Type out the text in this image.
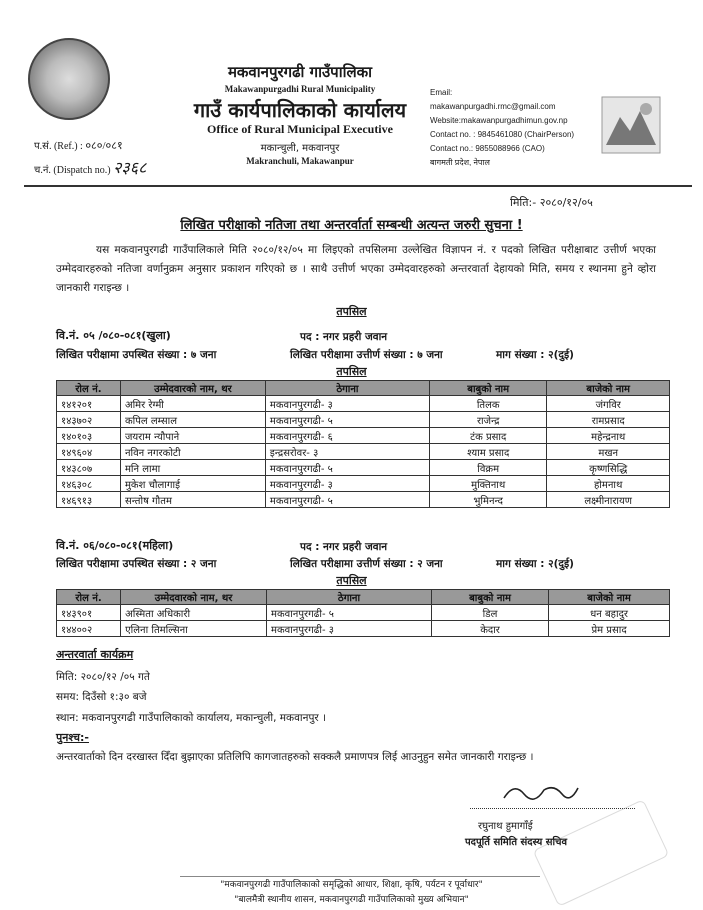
मकवानपुरगढी गाउँपालिका
Makawanpurgadhi Rural Municipality
गाउँ कार्यपालिकाको कार्यालय
Office of Rural Municipal Executive
मकान्चुली, मकवानपुर
Makranchuli, Makawanpur
प.सं. (Ref.) : ०८०/०८१
च.नं. (Dispatch no.) २३६८
Email:
makawanpurgadhi.rmc@gmail.com
Website:makawanpurgadhimun.gov.np
Contact no. : 9845461080 (ChairPerson)
Contact no.: 9855088966 (CAO)
बागमती प्रदेश, नेपाल
मिति:- २०८०/१२/०५
लिखित परीक्षाको नतिजा तथा अन्तरर्वार्ता सम्बन्धी अत्यन्त जरुरी सुचना !
यस मकवानपुरगढी गाउँपालिकाले मिति २०८०/१२/०५ मा लिइएको तपसिलमा उल्लेखित विज्ञापन नं. र पदको लिखित परीक्षाबाट उत्तीर्ण भएका उम्मेदवारहरुको नतिजा वर्णानुक्रम अनुसार प्रकाशन गरिएको छ । साथै उत्तीर्ण भएका उम्मेदवारहरुको अन्तरवार्ता देहायको मिति, समय र स्थानमा हुने व्होरा जानकारी गराइन्छ ।
तपसिल
वि.नं. ०५ /०८०-०८१(खुला)	पद : नगर प्रहरी जवान
लिखित परीक्षामा उपस्थित संख्या : ७ जना	लिखित परीक्षामा उत्तीर्ण संख्या : ७ जना	माग संख्या : २(दुई)
तपसिल
रोल नं.	उम्मेदवारको नाम, थर	ठेगाना	बाबुको नाम	बाजेको नाम
१४१२०१	अमिर रेग्मी	मकवानपुरगढी- ३	तिलक	जंगविर
१४३७०२	कपिल लम्साल	मकवानपुरगढी- ५	राजेन्द्र	रामप्रसाद
१४०१०३	जयराम न्यौपाने	मकवानपुरगढी- ६	टंक प्रसाद	महेन्द्रनाथ
१४९६०४	नविन नगरकोटी	इन्द्रसरोवर- ३	श्याम प्रसाद	मखन
१४३८०७	मनि लामा	मकवानपुरगढी- ५	विक्रम	कृष्णसिद्धि
१४६३०८	मुकेश चौलागाई	मकवानपुरगढी- ३	मुक्तिनाथ	होमनाथ
१४६९१३	सन्तोष गौतम	मकवानपुरगढी- ५	भुमिनन्द	लक्ष्मीनारायण
वि.नं. ०६/०८०-०८१(महिला)	पद : नगर प्रहरी जवान
लिखित परीक्षामा उपस्थित संख्या : २ जना	लिखित परीक्षामा उत्तीर्ण संख्या : २ जना	माग संख्या : २(दुई)
तपसिल
रोल नं.	उम्मेदवारको नाम, थर	ठेगाना	बाबुको नाम	बाजेको नाम
१४३९०१	अस्मिता अधिकारी	मकवानपुरगढी- ५	डिल	धन बहादुर
१४४००२	एलिना तिमल्सिना	मकवानपुरगढी- ३	केदार	प्रेम प्रसाद
अन्तरवार्ता कार्यक्रम
मिति: २०८०/१२ /०५ गते
समय: दिउँसो १:३० बजे
स्थान: मकवानपुरगढी गाउँपालिकाको कार्यालय, मकान्चुली, मकवानपुर ।
पुनश्च:-
अन्तरवार्ताको दिन दरखास्त दिँदा बुझाएका प्रतिलिपि कागजातहरुको सक्कलै प्रमाणपत्र लिई आउनुहुन समेत जानकारी गराइन्छ ।
रघुनाथ हुमागाँई
पदपूर्ति समिति संदस्य सचिव
"मकवानपुरगढी गाउँपालिकाको समृद्धिको आधार, शिक्षा, कृषि, पर्यटन र पूर्वाधार"
"बालमैत्री स्थानीय शासन, मकवानपुरगढी गाउँपालिकाको मुख्य अभियान"
